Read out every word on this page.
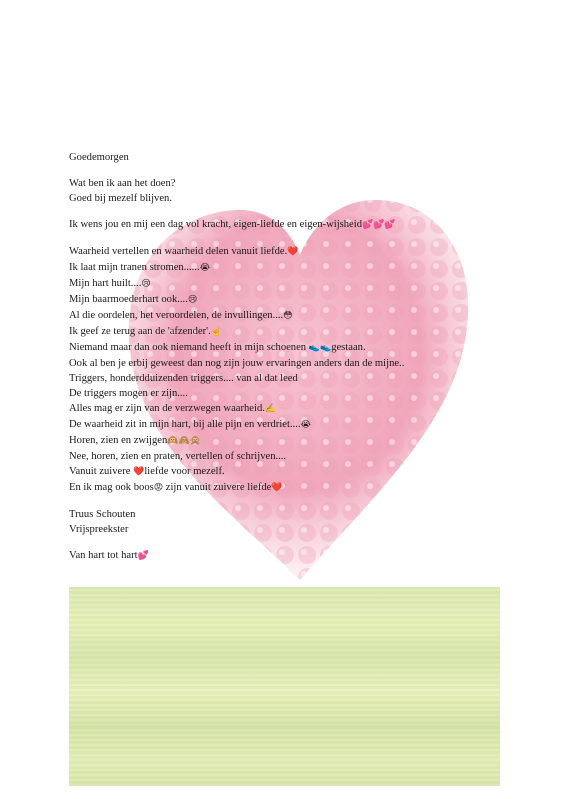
Goedemorgen
Wat ben ik aan het doen?
Goed bij mezelf blijven.
Ik wens jou en mij een dag vol kracht, eigen-liefde en eigen-wijsheid💕💕💕
Waarheid vertellen en waarheid delen vanuit liefde.❤️
Ik laat mijn tranen stromen......😭
Mijn hart huilt....😢
Mijn baarmoederhart ook....😢
Al die oordelen, het veroordelen, de invullingen....😳
Ik geef ze terug aan de 'afzender'.☝️
Niemand maar dan ook niemand heeft in mijn schoenen 👟👟gestaan.
Ook al ben je erbij geweest dan nog zijn jouw ervaringen anders dan de mijne..
Triggers, honderdduizenden triggers.... van al dat leed
De triggers mogen er zijn....
Alles mag er zijn van de verzwegen waarheid.✍️
De waarheid zit in mijn hart, bij alle pijn en verdriet....😭
Horen, zien en zwijgen🙉🙈🙊
Nee, horen, zien en praten, vertellen of schrijven....
Vanuit zuivere ❤️liefde voor mezelf.
En ik mag ook boos😡 zijn vanuit zuivere liefde❤️
Truus Schouten
Vrijspreekster
Van hart tot hart💕
